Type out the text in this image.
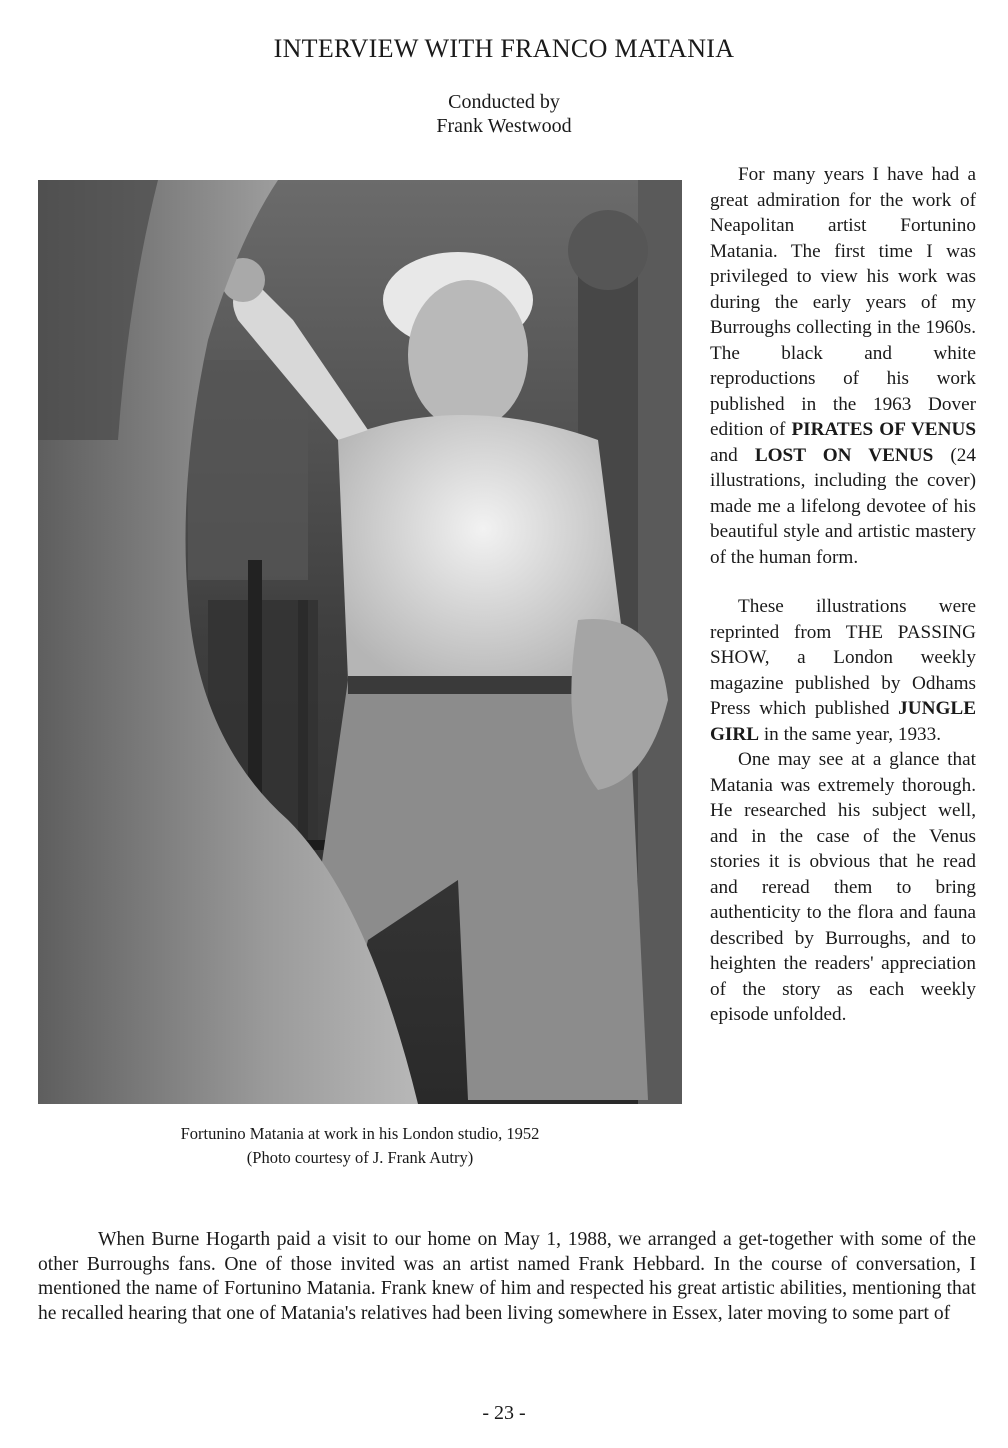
INTERVIEW WITH FRANCO MATANIA
Conducted by
Frank Westwood
Fortunino Matania at work in his London studio, 1952
(Photo courtesy of J. Frank Autry)

For many years I have had a great admiration for the work of Neapolitan artist Fortunino Matania. The first time I was privileged to view his work was during the early years of my Burroughs collecting in the 1960s. The black and white reproductions of his work published in the 1963 Dover edition of PIRATES OF VENUS and LOST ON VENUS (24 illustrations, including the cover) made me a lifelong devotee of his beautiful style and artistic mastery of the human form.

These illustrations were reprinted from THE PASSING SHOW, a London weekly magazine published by Odhams Press which published JUNGLE GIRL in the same year, 1933.

One may see at a glance that Matania was extremely thorough. He researched his subject well, and in the case of the Venus stories it is obvious that he read and reread them to bring authenticity to the flora and fauna described by Burroughs, and to heighten the readers' appreciation of the story as each weekly episode unfolded.

When Burne Hogarth paid a visit to our home on May 1, 1988, we arranged a get-together with some of the other Burroughs fans. One of those invited was an artist named Frank Hebbard. In the course of conversation, I mentioned the name of Fortunino Matania. Frank knew of him and respected his great artistic abilities, mentioning that he recalled hearing that one of Matania's relatives had been living somewhere in Essex, later moving to some part of

- 23 -
